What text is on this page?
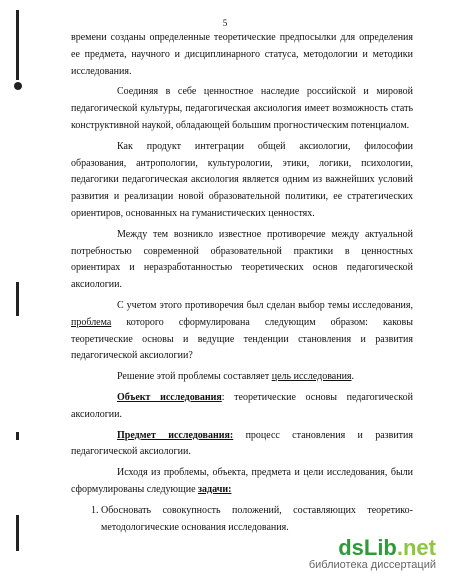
5

времени созданы определенные теоретические предпосылки для определения ее предмета, научного и дисциплинарного статуса, методологии и методики исследования.

Соединяя в себе ценностное наследие российской и мировой педагогической культуры, педагогическая аксиология имеет возможность стать конструктивной наукой, обладающей большим прогностическим потенциалом.

Как продукт интеграции общей аксиологии, философии образования, антропологии, культурологии, этики, логики, психологии, педагогики педагогическая аксиология является одним из важнейших условий развития и реализации новой образовательной политики, ее стратегических ориентиров, основанных на гуманистических ценностях.

Между тем возникло известное противоречие между актуальной потребностью современной образовательной практики в ценностных ориентирах и неразработанностью теоретических основ педагогической аксиологии.

С учетом этого противоречия был сделан выбор темы исследования, проблема которого сформулирована следующим образом: каковы теоретические основы и ведущие тенденции становления и развития педагогической аксиологии?

Решение этой проблемы составляет цель исследования.

Объект исследования: теоретические основы педагогической аксиологии.

Предмет исследования: процесс становления и развития педагогической аксиологии.

Исходя из проблемы, объекта, предмета и цели исследования, были сформулированы следующие задачи:

1. Обосновать совокупность положений, составляющих теоретико-методологические основания исследования.
dsLib.net
библиотека диссертаций
